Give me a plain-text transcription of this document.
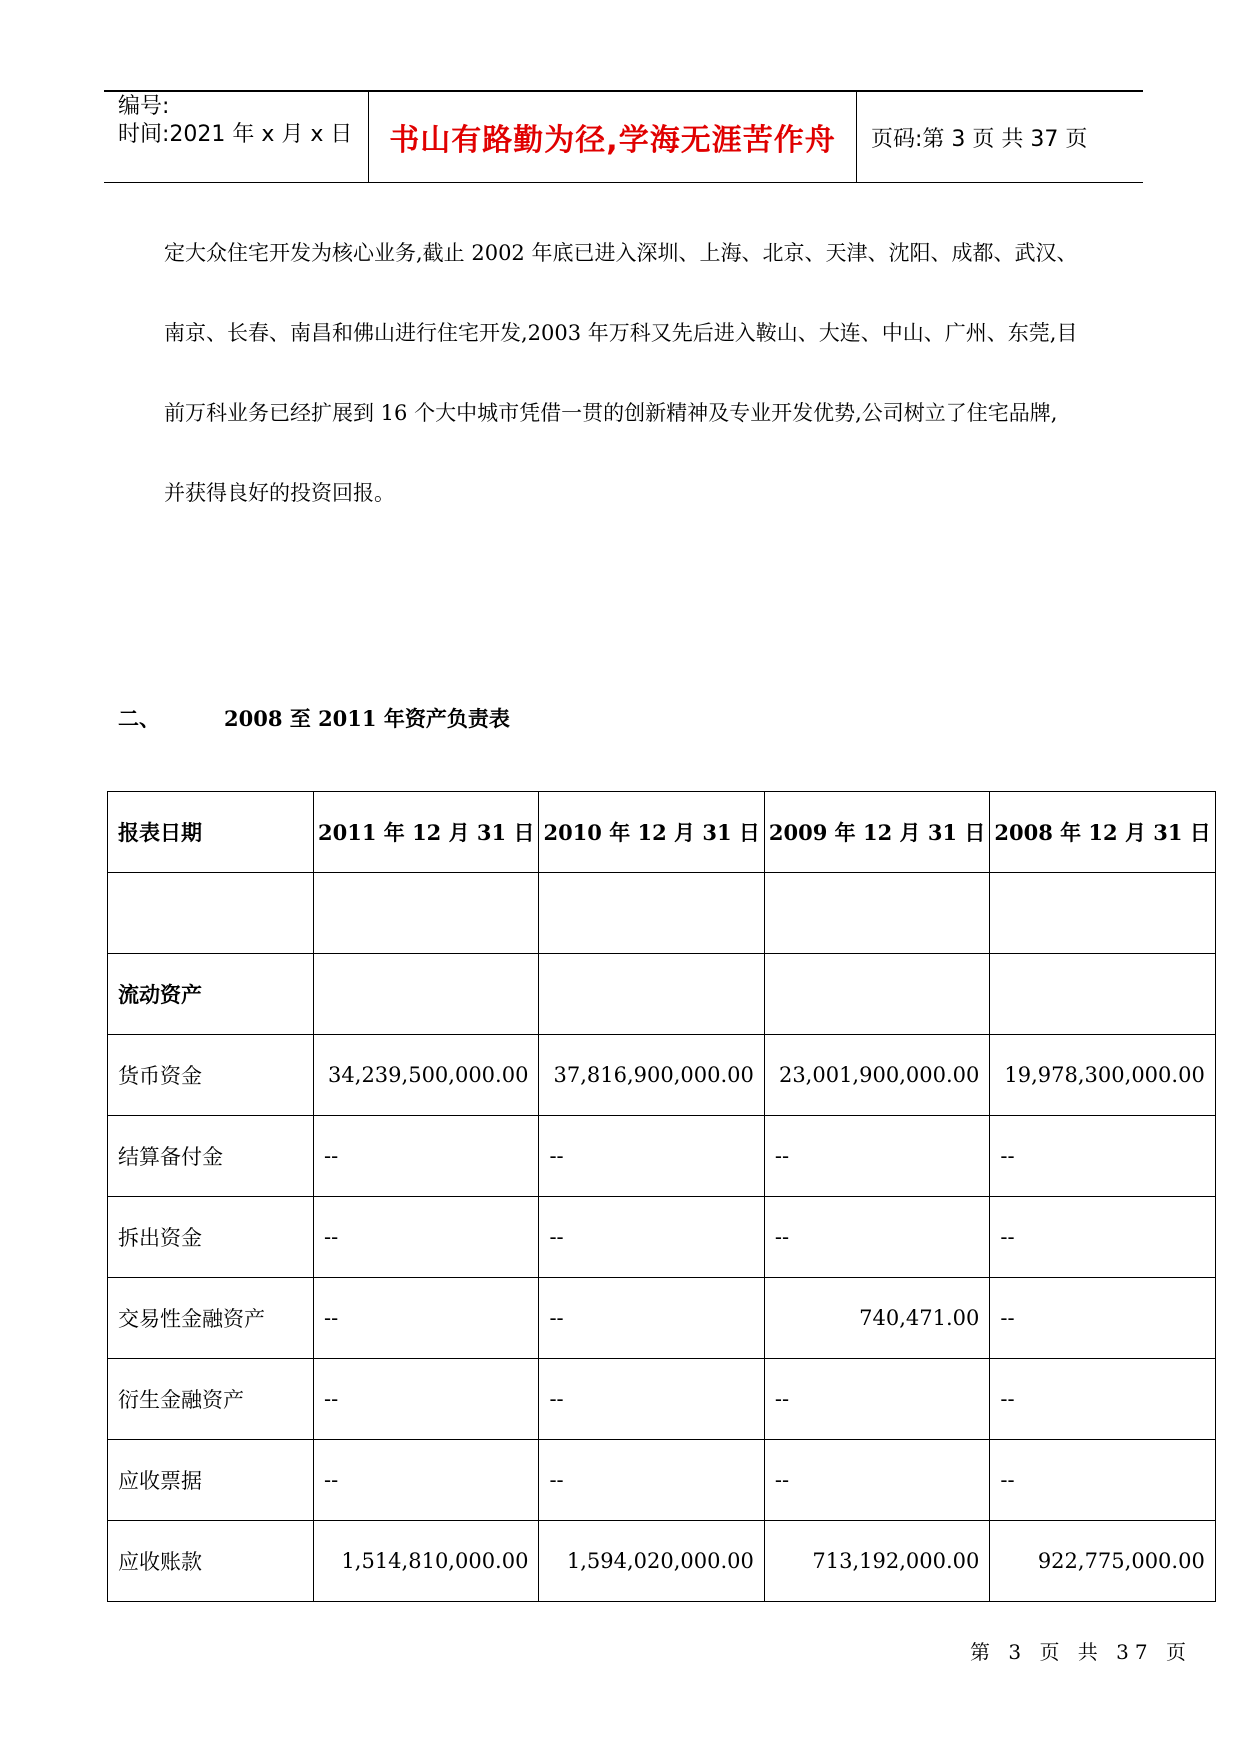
编号:
时间:2021 年 x 月 x 日	书山有路勤为径,学海无涯苦作舟	页码:第 3 页 共 37 页
定大众住宅开发为核心业务,截止 2002 年底已进入深圳、上海、北京、天津、沈阳、成都、武汉、
南京、长春、南昌和佛山进行住宅开发,2003 年万科又先后进入鞍山、大连、中山、广州、东莞,目
前万科业务已经扩展到 16 个大中城市凭借一贯的创新精神及专业开发优势,公司树立了住宅品牌,
并获得良好的投资回报。
二、	2008 至 2011 年资产负责表
报表日期	2011 年 12 月 31 日	2010 年 12 月 31 日	2009 年 12 月 31 日	2008 年 12 月 31 日

流动资产				
货币资金	34,239,500,000.00	37,816,900,000.00	23,001,900,000.00	19,978,300,000.00
结算备付金	--	--	--	--
拆出资金	--	--	--	--
交易性金融资产	--	--	740,471.00	--
衍生金融资产	--	--	--	--
应收票据	--	--	--	--
应收账款	1,514,810,000.00	1,594,020,000.00	713,192,000.00	922,775,000.00
第 3 页 共 37 页
